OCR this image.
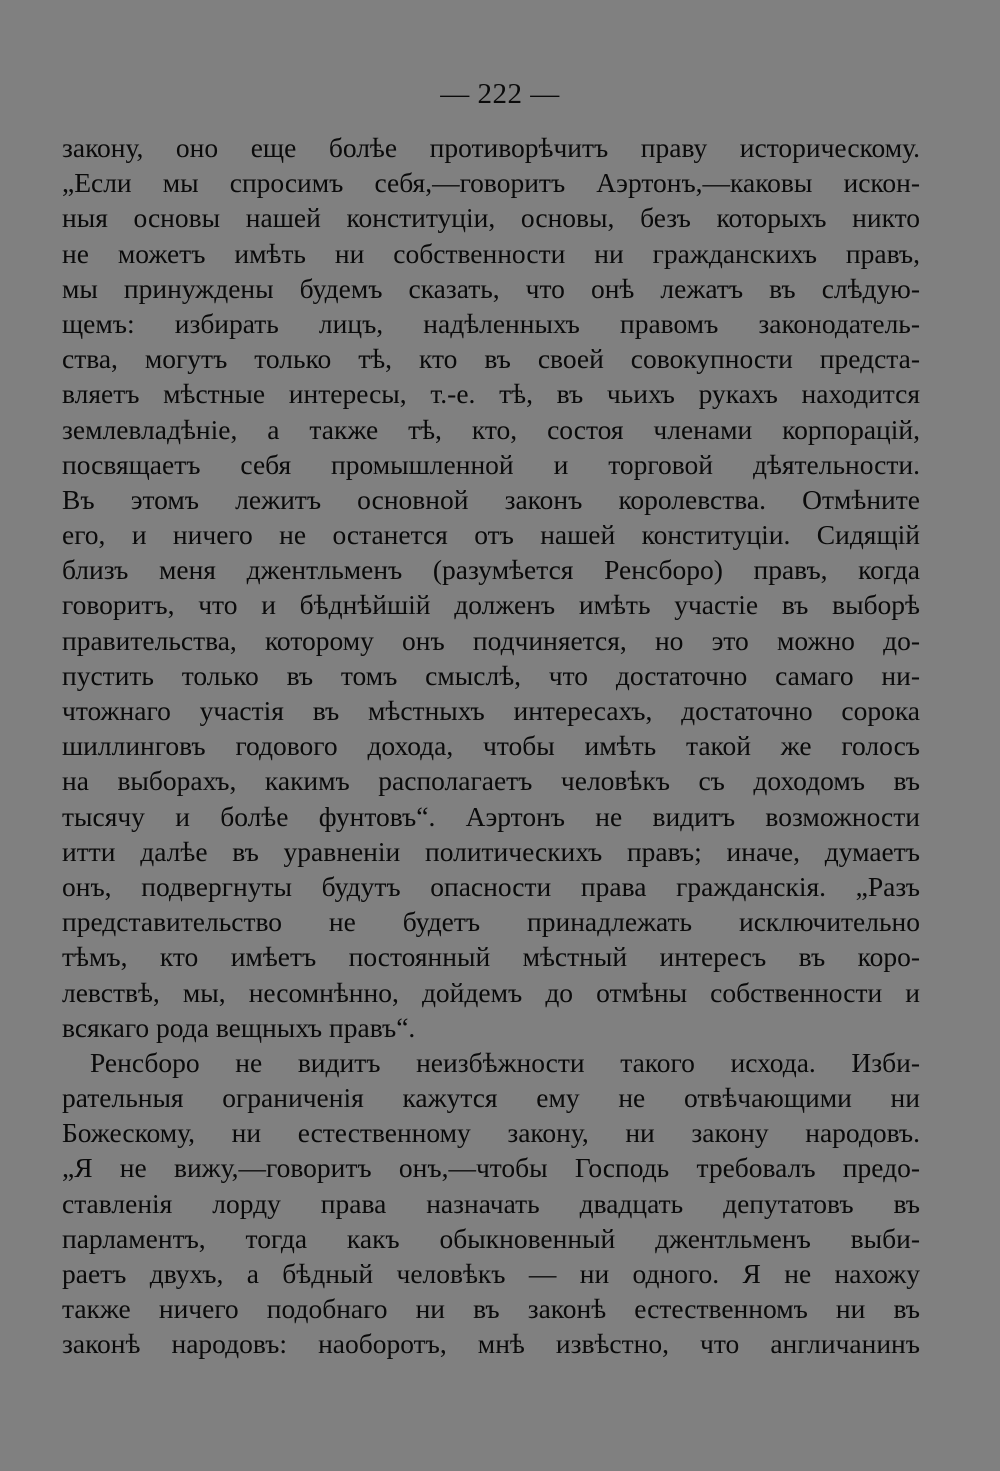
— 222 —
закону, оно еще болѣе противорѣчитъ праву историческому.
„Если мы спросимъ себя,—говоритъ Аэртонъ,—каковы искон-
ныя основы нашей конституціи, основы, безъ которыхъ никто
не можетъ имѣть ни собственности ни гражданскихъ правъ,
мы принуждены будемъ сказать, что онѣ лежатъ въ слѣдую-
щемъ: избирать лицъ, надѣленныхъ правомъ законодатель-
ства, могутъ только тѣ, кто въ своей совокупности предста-
вляетъ мѣстные интересы, т.-е. тѣ, въ чьихъ рукахъ находится
землевладѣніе, а также тѣ, кто, состоя членами корпорацій,
посвящаетъ себя промышленной и торговой дѣятельности.
Въ этомъ лежитъ основной законъ королевства. Отмѣните
его, и ничего не останется отъ нашей конституціи. Сидящій
близъ меня джентльменъ (разумѣется Ренсборо) правъ, когда
говоритъ, что и бѣднѣйшій долженъ имѣть участіе въ выборѣ
правительства, которому онъ подчиняется, но это можно до-
пустить только въ томъ смыслѣ, что достаточно самаго ни-
чтожнаго участія въ мѣстныхъ интересахъ, достаточно сорока
шиллинговъ годового дохода, чтобы имѣть такой же голосъ
на выборахъ, какимъ располагаетъ человѣкъ съ доходомъ въ
тысячу и болѣе фунтовъ“. Аэртонъ не видитъ возможности
итти далѣе въ уравненіи политическихъ правъ; иначе, думаетъ
онъ, подвергнуты будутъ опасности права гражданскія. „Разъ
представительство не будетъ принадлежать исключительно
тѣмъ, кто имѣетъ постоянный мѣстный интересъ въ коро-
левствѣ, мы, несомнѣнно, дойдемъ до отмѣны собственности и
всякаго рода вещныхъ правъ“.
Ренсборо не видитъ неизбѣжности такого исхода. Изби-
рательныя ограниченія кажутся ему не отвѣчающими ни
Божескому, ни естественному закону, ни закону народовъ.
„Я не вижу,—говоритъ онъ,—чтобы Господь требовалъ предо-
ставленія лорду права назначать двадцать депутатовъ въ
парламентъ, тогда какъ обыкновенный джентльменъ выби-
раетъ двухъ, а бѣдный человѣкъ — ни одного. Я не нахожу
также ничего подобнаго ни въ законѣ естественномъ ни въ
законѣ народовъ: наоборотъ, мнѣ извѣстно, что англичанинъ
